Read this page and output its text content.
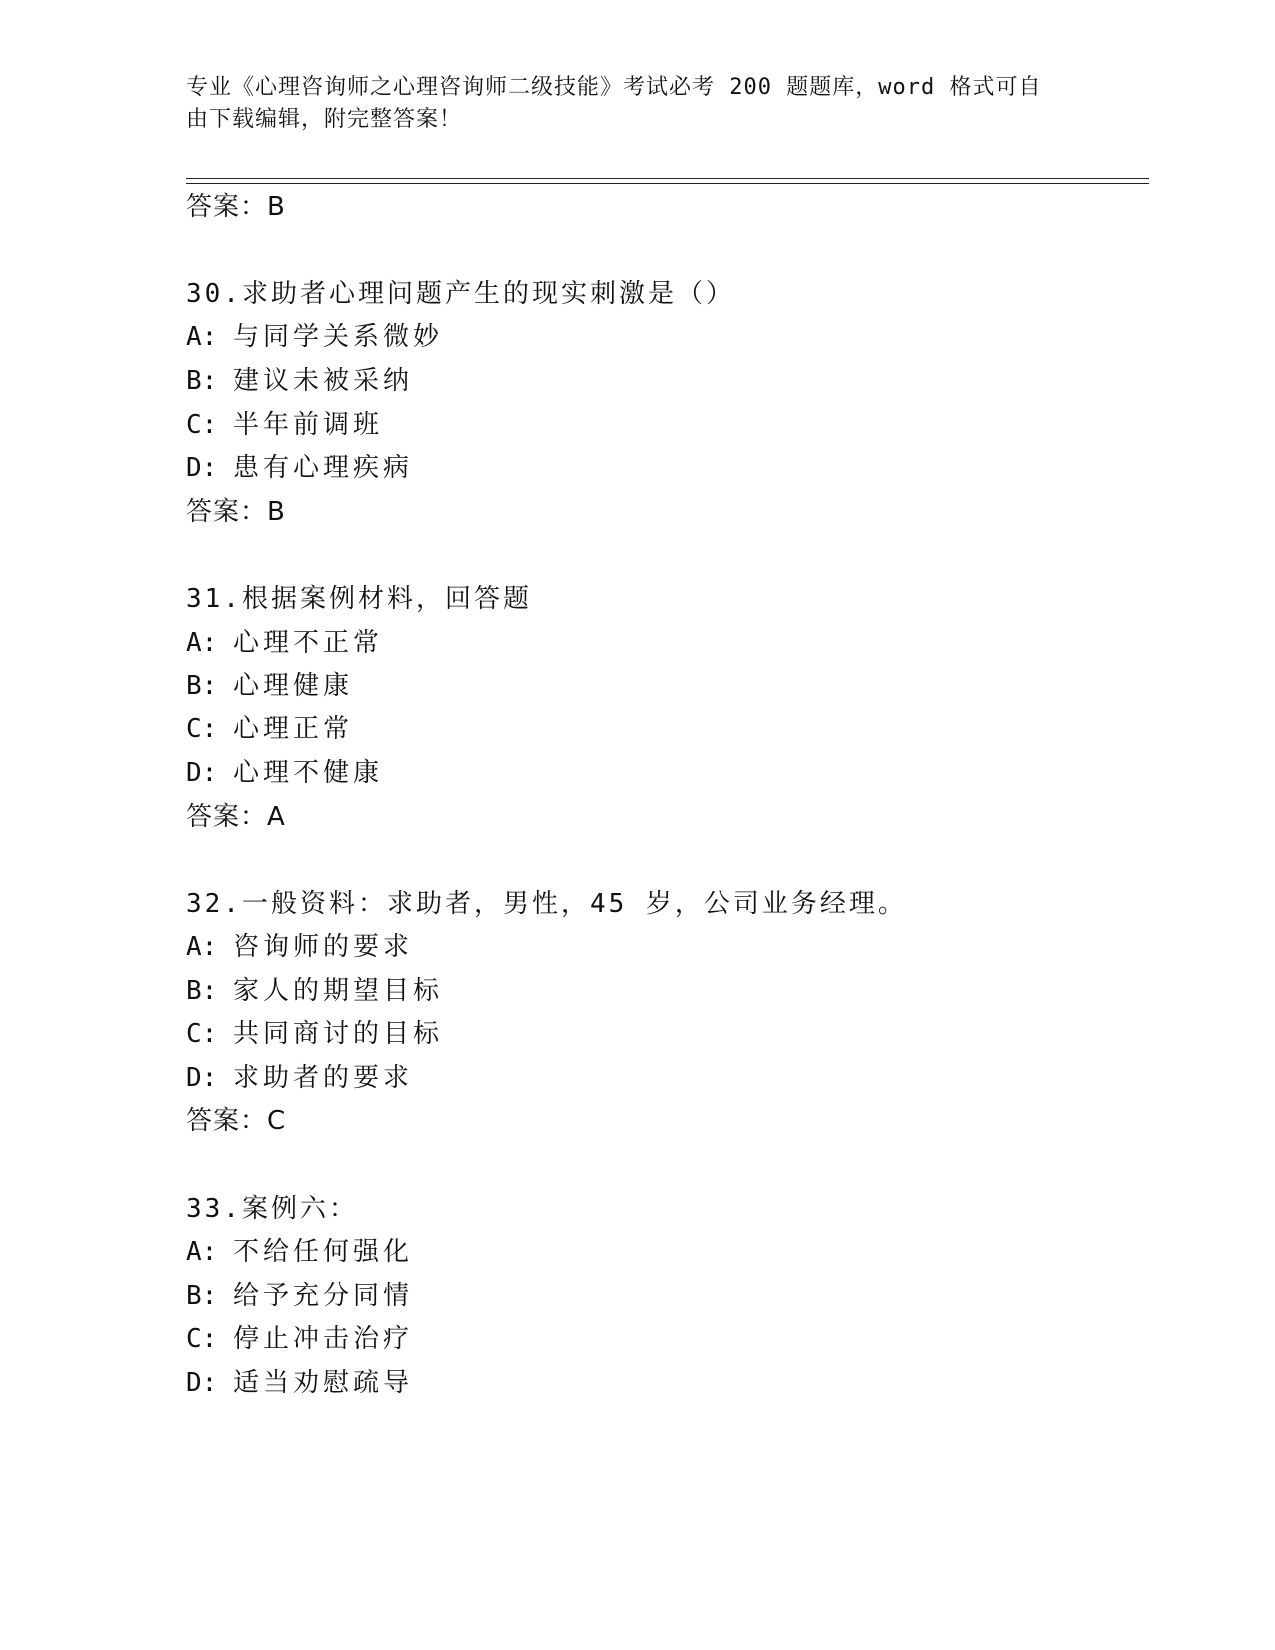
专业《心理咨询师之心理咨询师二级技能》考试必考 200 题题库，word 格式可自
由下载编辑，附完整答案！
答案：B
30.求助者心理问题产生的现实刺激是（）
A: 与同学关系微妙
B: 建议未被采纳
C: 半年前调班
D: 患有心理疾病
答案：B
31.根据案例材料，回答题
A: 心理不正常
B: 心理健康
C: 心理正常
D: 心理不健康
答案：A
32.一般资料：求助者，男性，45 岁，公司业务经理。
A: 咨询师的要求
B: 家人的期望目标
C: 共同商讨的目标
D: 求助者的要求
答案：C
33.案例六：
A: 不给任何强化
B: 给予充分同情
C: 停止冲击治疗
D: 适当劝慰疏导
